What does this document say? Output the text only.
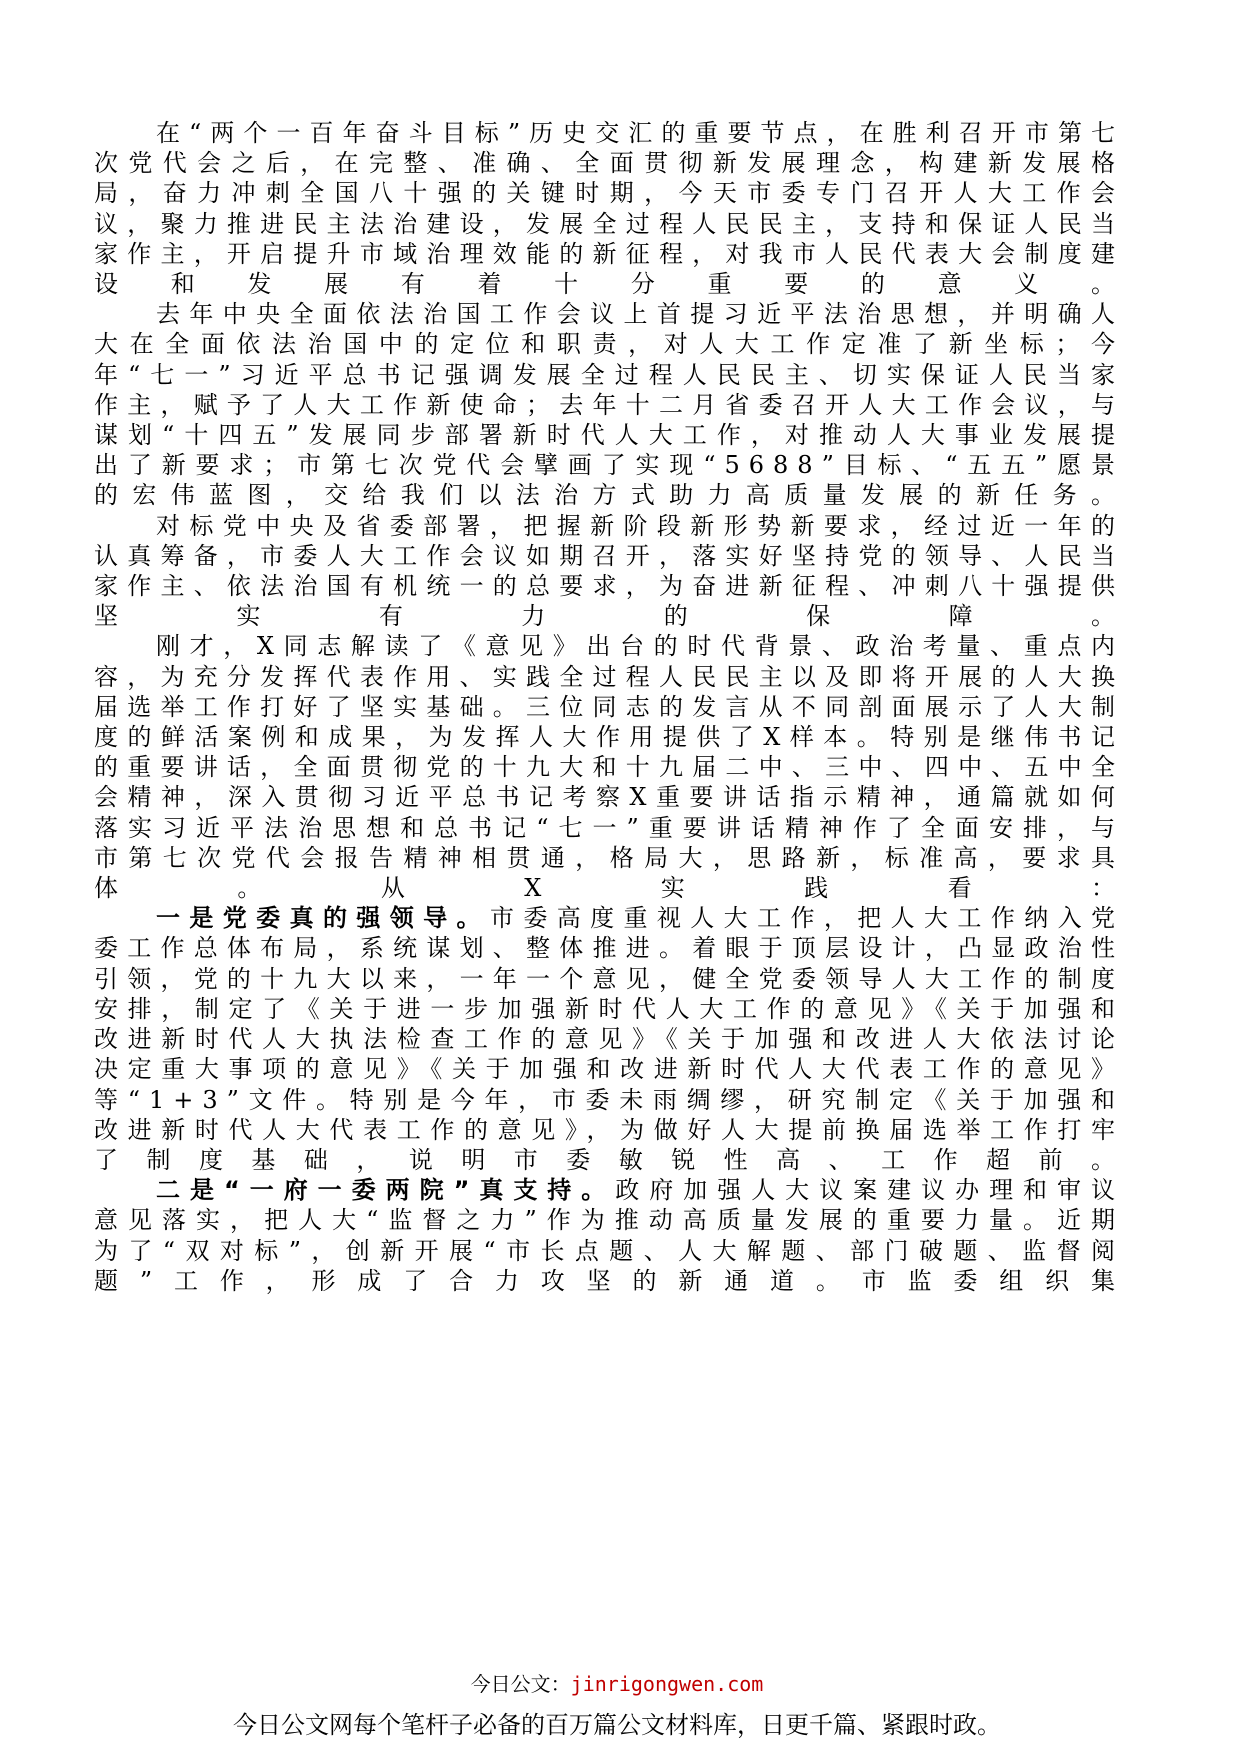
在“两个一百年奋斗目标”历史交汇的重要节点，在胜利召开市第七次党代会之后，在完整、准确、全面贯彻新发展理念，构建新发展格局，奋力冲刺全国八十强的关键时期，今天市委专门召开人大工作会议，聚力推进民主法治建设，发展全过程人民民主，支持和保证人民当家作主，开启提升市域治理效能的新征程，对我市人民代表大会制度建设和发展有着十分重要的意义。

去年中央全面依法治国工作会议上首提习近平法治思想，并明确人大在全面依法治国中的定位和职责，对人大工作定准了新坐标；今年“七一”习近平总书记强调发展全过程人民民主、切实保证人民当家作主，赋予了人大工作新使命；去年十二月省委召开人大工作会议，与谋划“十四五”发展同步部署新时代人大工作，对推动人大事业发展提出了新要求；市第七次党代会擘画了实现“5688”目标、“五五”愿景的宏伟蓝图，交给我们以法治方式助力高质量发展的新任务。

对标党中央及省委部署，把握新阶段新形势新要求，经过近一年的认真筹备，市委人大工作会议如期召开，落实好坚持党的领导、人民当家作主、依法治国有机统一的总要求，为奋进新征程、冲刺八十强提供坚实有力的保障。

刚才，X同志解读了《意见》出台的时代背景、政治考量、重点内容，为充分发挥代表作用、实践全过程人民民主以及即将开展的人大换届选举工作打好了坚实基础。三位同志的发言从不同剖面展示了人大制度的鲜活案例和成果，为发挥人大作用提供了X样本。特别是继伟书记的重要讲话，全面贯彻党的十九大和十九届二中、三中、四中、五中全会精神，深入贯彻习近平总书记考察X重要讲话指示精神，通篇就如何落实习近平法治思想和总书记“七一”重要讲话精神作了全面安排，与市第七次党代会报告精神相贯通，格局大，思路新，标准高，要求具体。从X实践看：

一是党委真的强领导。市委高度重视人大工作，把人大工作纳入党委工作总体布局，系统谋划、整体推进。着眼于顶层设计，凸显政治性引领，党的十九大以来，一年一个意见，健全党委领导人大工作的制度安排，制定了《关于进一步加强新时代人大工作的意见》《关于加强和改进新时代人大执法检查工作的意见》《关于加强和改进人大依法讨论决定重大事项的意见》《关于加强和改进新时代人大代表工作的意见》等“1+3”文件。特别是今年，市委未雨绸缪，研究制定《关于加强和改进新时代人大代表工作的意见》，为做好人大提前换届选举工作打牢了制度基础，说明市委敏锐性高、工作超前。

二是“一府一委两院”真支持。政府加强人大议案建议办理和审议意见落实，把人大“监督之力”作为推动高质量发展的重要力量。近期为了“双对标”，创新开展“市长点题、人大解题、部门破题、监督阅题”工作，形成了合力攻坚的新通道。市监委组织集

今日公文：jinrigongwen.com
今日公文网每个笔杆子必备的百万篇公文材料库，日更千篇、紧跟时政。
